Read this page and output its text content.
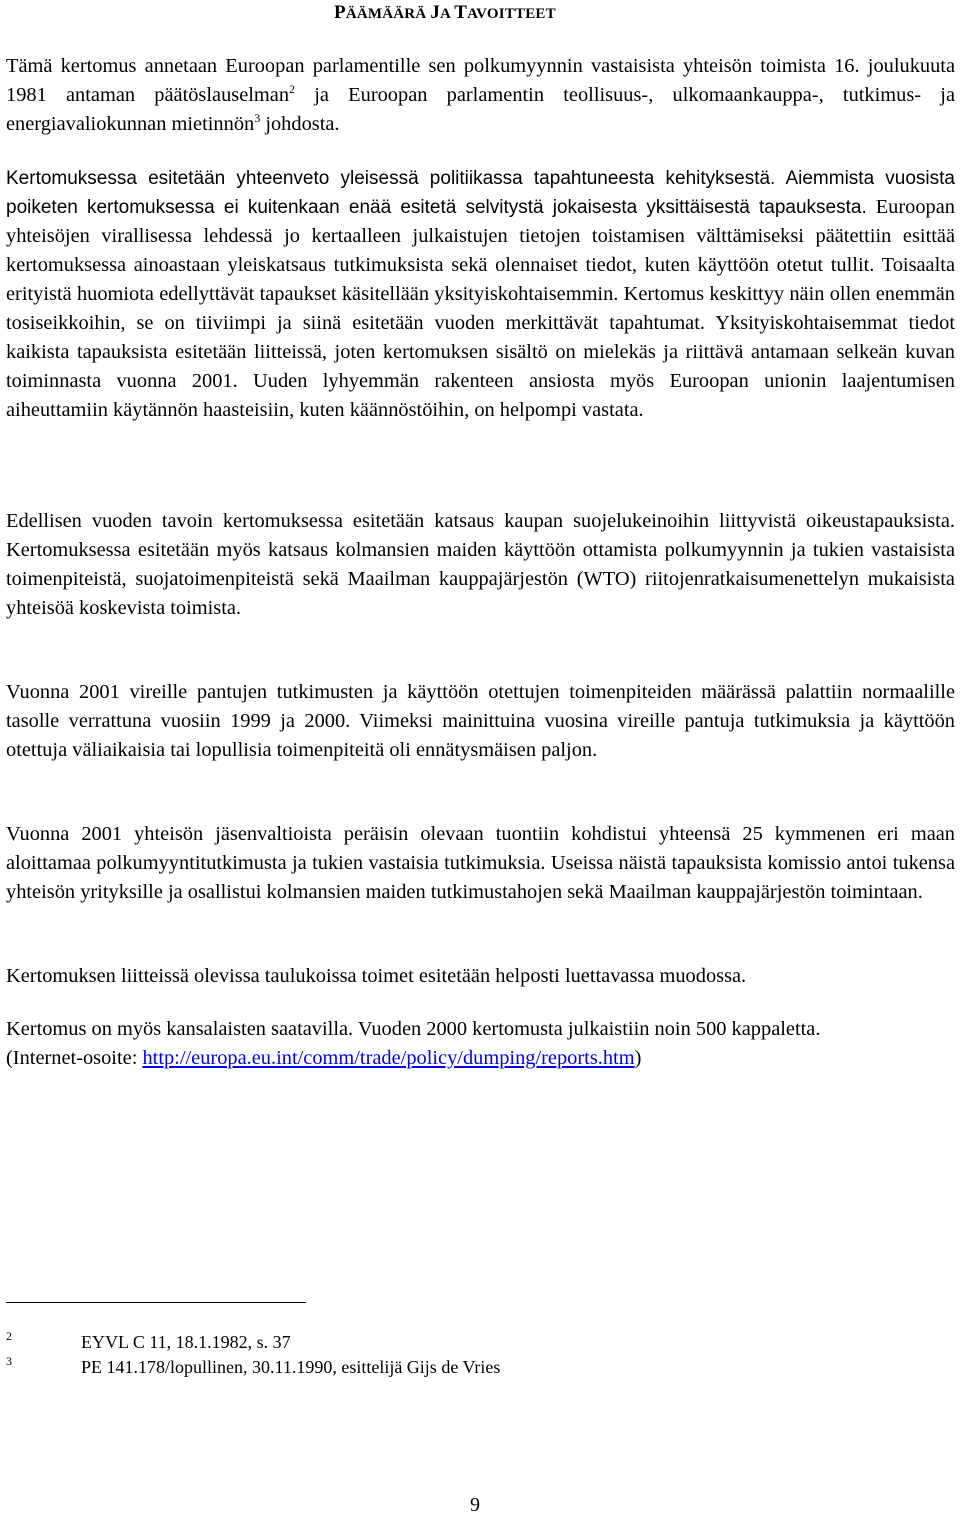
PÄÄMÄÄRÄ JA TAVOITTEET

Tämä kertomus annetaan Euroopan parlamentille sen polkumyynnin vastaisista yhteisön toimista 16. joulukuuta 1981 antaman päätöslauselman$^2$ ja Euroopan parlamentin teollisuus-, ulkomaankauppa-, tutkimus- ja energiavaliokunnan mietinnön$^3$ johdosta.

Kertomuksessa esitetään yhteenveto yleisessä politiikassa tapahtuneesta kehityksestä. Aiemmista vuosista poiketen kertomuksessa ei kuitenkaan enää esitetä selvitystä jokaisesta yksittäisestä tapauksesta. Euroopan yhteisöjen virallisessa lehdessä jo kertaalleen julkaistujen tietojen toistamisen välttämiseksi päätettiin esittää kertomuksessa ainoastaan yleiskatsaus tutkimuksista sekä olennaiset tiedot, kuten käyttöön otetut tullit. Toisaalta erityistä huomiota edellyttävät tapaukset käsitellään yksityiskohtaisemmin. Kertomus keskittyy näin ollen enemmän tosiseikkoihin, se on tiiviimpi ja siinä esitetään vuoden merkittävät tapahtumat. Yksityiskohtaisemmat tiedot kaikista tapauksista esitetään liitteissä, joten kertomuksen sisältö on mielekäs ja riittävä antamaan selkeän kuvan toiminnasta vuonna 2001. Uuden lyhyemmän rakenteen ansiosta myös Euroopan unionin laajentumisen aiheuttamiin käytännön haasteisiin, kuten käännöstöihin, on helpompi vastata.

Edellisen vuoden tavoin kertomuksessa esitetään katsaus kaupan suojelukeinoihin liittyvistä oikeustapauksista. Kertomuksessa esitetään myös katsaus kolmansien maiden käyttöön ottamista polkumyynnin ja tukien vastaisista toimenpiteistä, suojatoimenpiteistä sekä Maailman kauppajärjestön (WTO) riitojenratkaisumenettelyn mukaisista yhteisöä koskevista toimista.

Vuonna 2001 vireille pantujen tutkimusten ja käyttöön otettujen toimenpiteiden määrässä palattiin normaalille tasolle verrattuna vuosiin 1999 ja 2000. Viimeksi mainittuina vuosina vireille pantuja tutkimuksia ja käyttöön otettuja väliaikaisia tai lopullisia toimenpiteitä oli ennätysmäisen paljon.

Vuonna 2001 yhteisön jäsenvaltioista peräisin olevaan tuontiin kohdistui yhteensä 25 kymmenen eri maan aloittamaa polkumyyntitutkimusta ja tukien vastaisia tutkimuksia. Useissa näistä tapauksista komissio antoi tukensa yhteisön yrityksille ja osallistui kolmansien maiden tutkimustahojen sekä Maailman kauppajärjestön toimintaan.

Kertomuksen liitteissä olevissa taulukoissa toimet esitetään helposti luettavassa muodossa.

Kertomus on myös kansalaisten saatavilla. Vuoden 2000 kertomusta julkaistiin noin 500 kappaletta.
(Internet-osoite: http://europa.eu.int/comm/trade/policy/dumping/reports.htm)

2	EYVL C 11, 18.1.1982, s. 37
3	PE 141.178/lopullinen, 30.11.1990, esittelijä Gijs de Vries
9
